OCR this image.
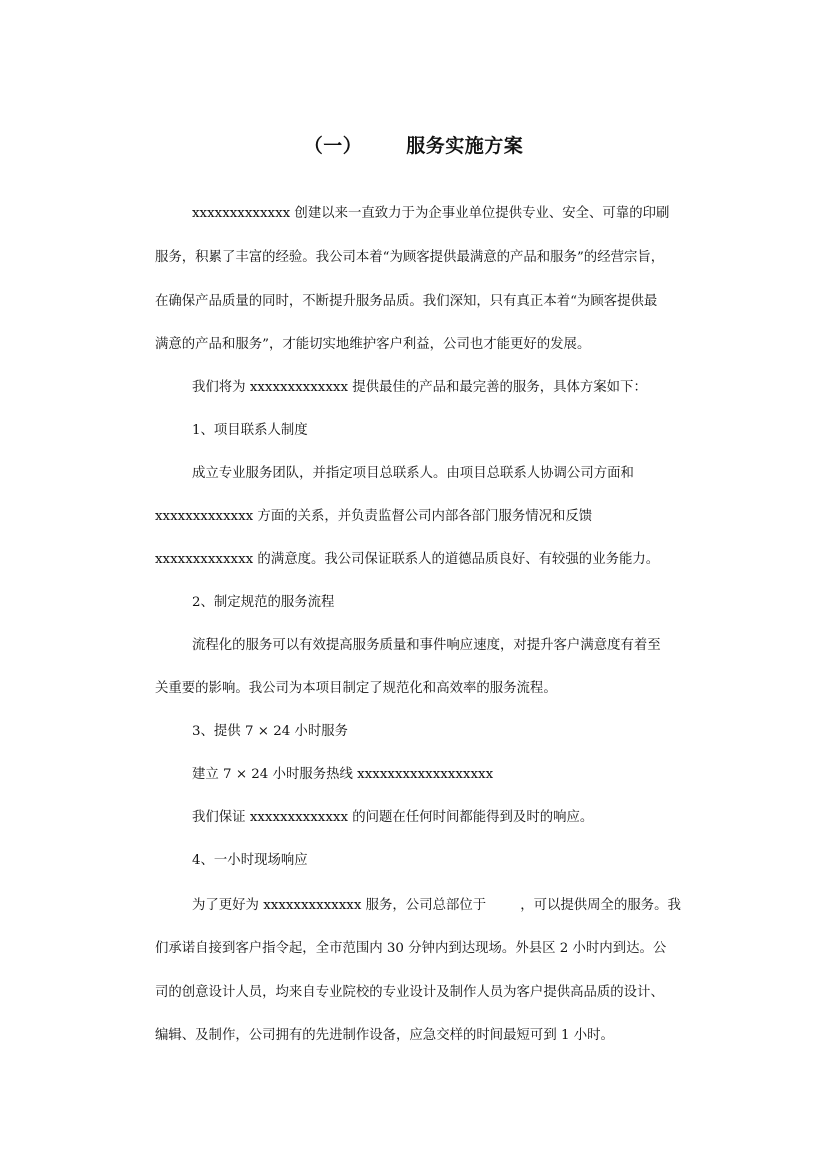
（一） 服务实施方案
xxxxxxxxxxxxx 创建以来一直致力于为企事业单位提供专业、安全、可靠的印刷
服务，积累了丰富的经验。我公司本着“为顾客提供最满意的产品和服务”的经营宗旨，
在确保产品质量的同时，不断提升服务品质。我们深知，只有真正本着“为顾客提供最
满意的产品和服务”，才能切实地维护客户利益，公司也才能更好的发展。
我们将为 xxxxxxxxxxxxx 提供最佳的产品和最完善的服务，具体方案如下：
1、项目联系人制度
成立专业服务团队，并指定项目总联系人。由项目总联系人协调公司方面和
xxxxxxxxxxxxx 方面的关系，并负责监督公司内部各部门服务情况和反馈
xxxxxxxxxxxxx 的满意度。我公司保证联系人的道德品质良好、有较强的业务能力。
2、制定规范的服务流程
流程化的服务可以有效提高服务质量和事件响应速度，对提升客户满意度有着至
关重要的影响。我公司为本项目制定了规范化和高效率的服务流程。
3、提供 7 × 24 小时服务
建立 7 × 24 小时服务热线 xxxxxxxxxxxxxxxxxx
我们保证 xxxxxxxxxxxxx 的问题在任何时间都能得到及时的响应。
4、一小时现场响应
为了更好为 xxxxxxxxxxxxx 服务，公司总部位于        ，可以提供周全的服务。我
们承诺自接到客户指令起，全市范围内 30 分钟内到达现场。外县区 2 小时内到达。公
司的创意设计人员，均来自专业院校的专业设计及制作人员为客户提供高品质的设计、
编辑、及制作，公司拥有的先进制作设备，应急交样的时间最短可到 1 小时。
